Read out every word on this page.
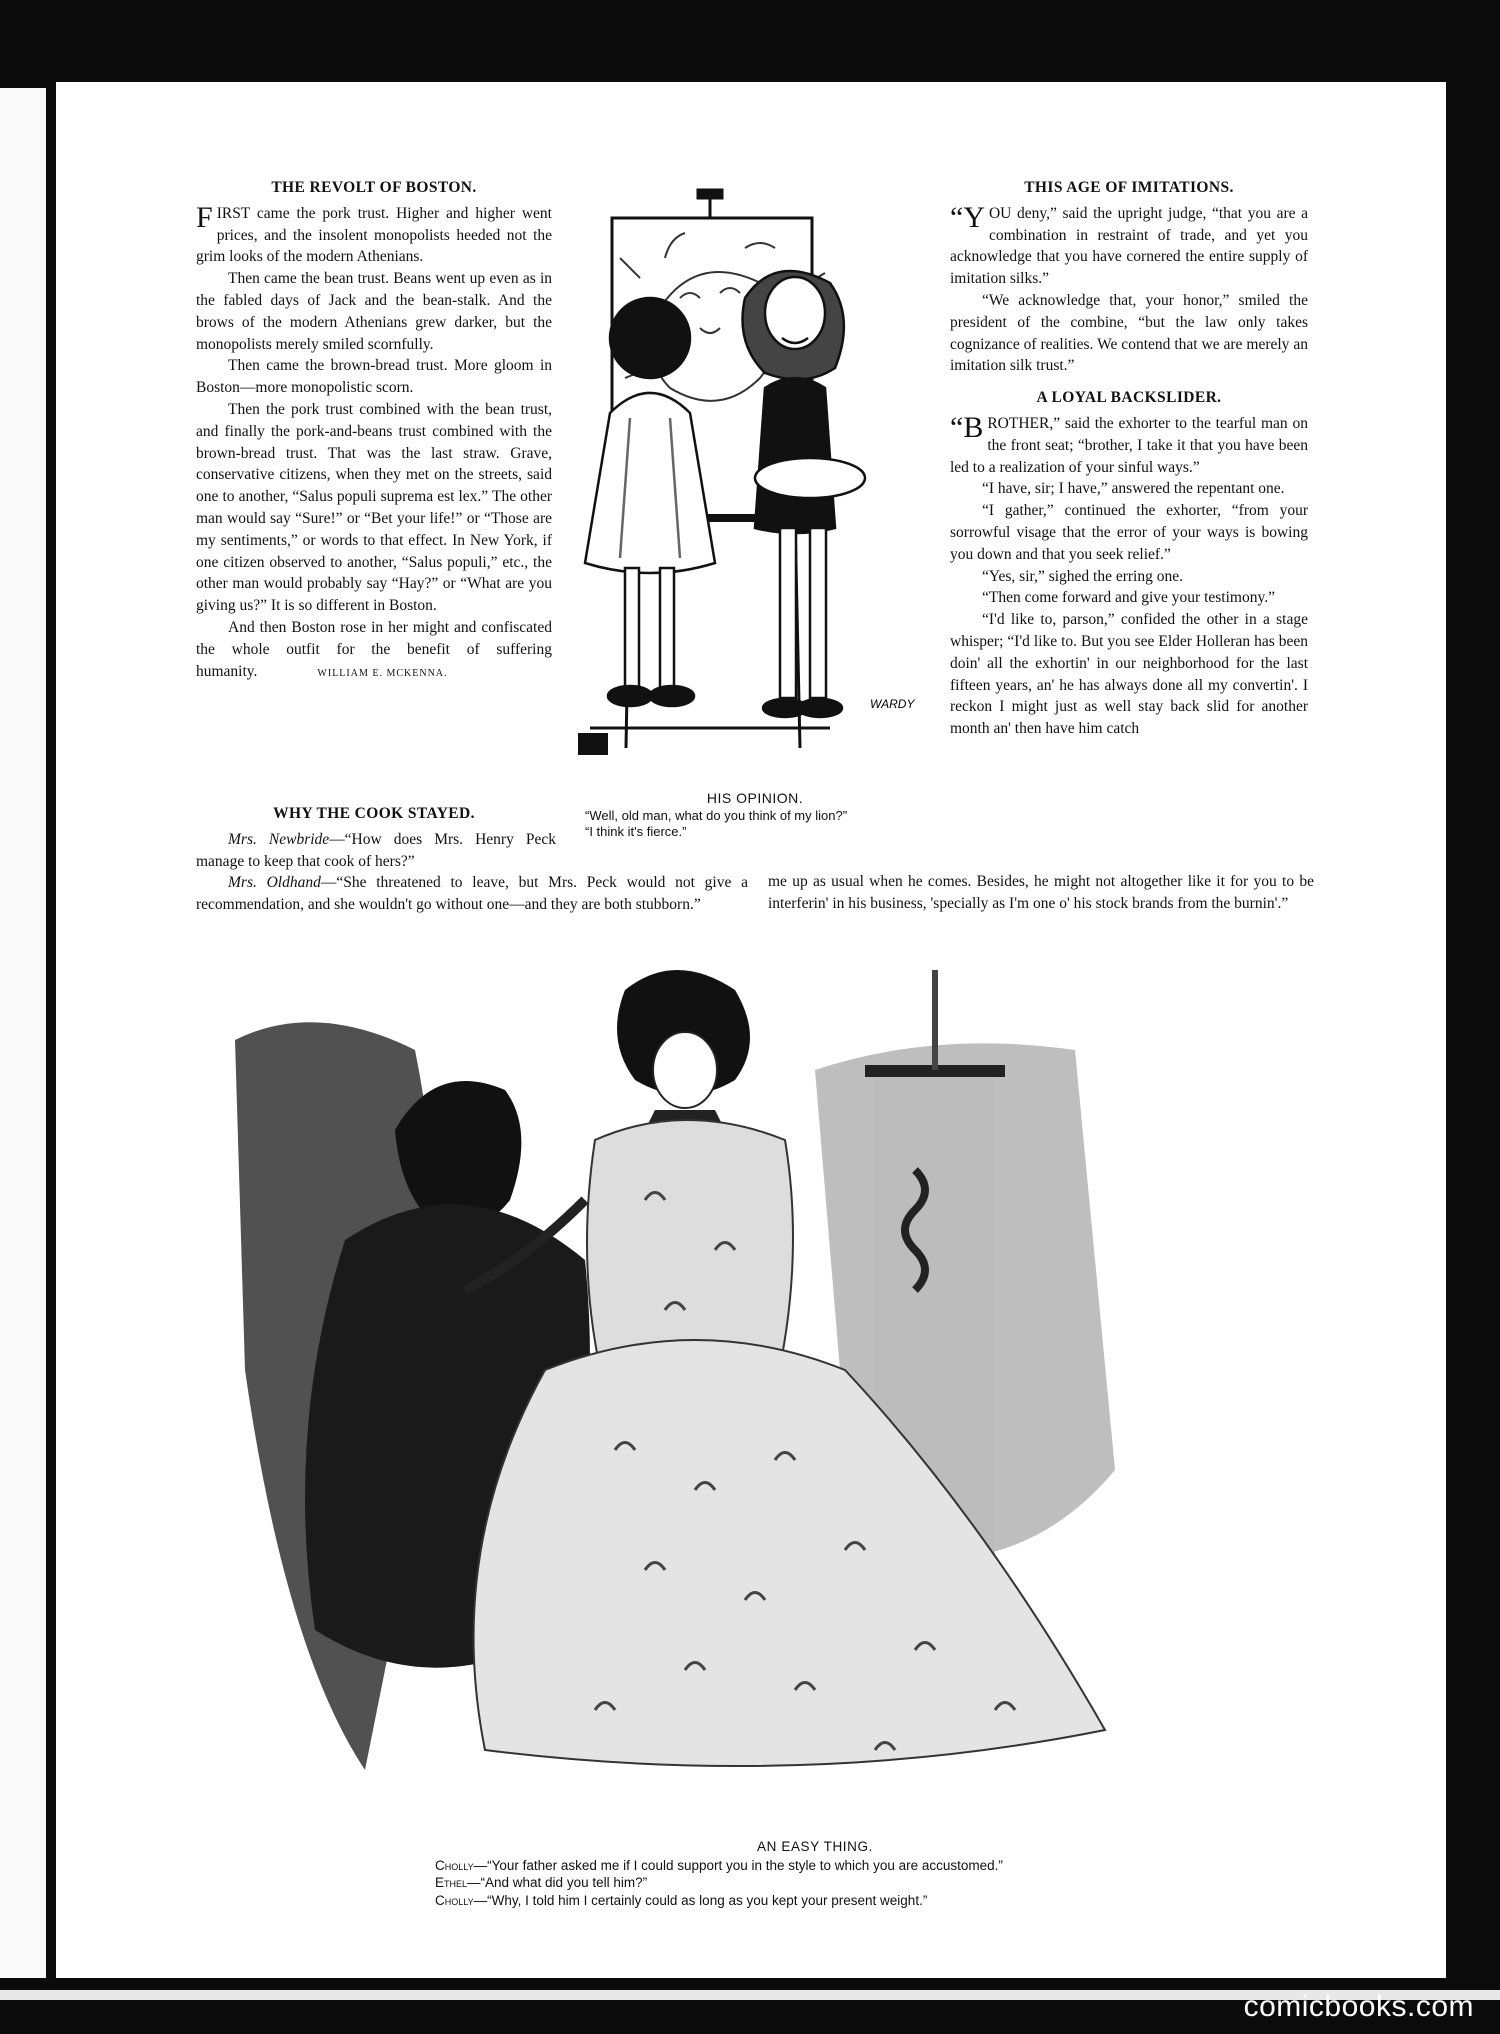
comicbooks.com
THE REVOLT OF BOSTON.

FIRST came the pork trust. Higher and higher went prices, and the insolent monopolists heeded not the grim looks of the modern Athenians.

Then came the bean trust. Beans went up even as in the fabled days of Jack and the bean-stalk. And the brows of the modern Athenians grew darker, but the monopolists merely smiled scornfully.

Then came the brown-bread trust. More gloom in Boston—more monopolistic scorn.

Then the pork trust combined with the bean trust, and finally the pork-and-beans trust combined with the brown-bread trust. That was the last straw. Grave, conservative citizens, when they met on the streets, said one to another, “Salus populi suprema est lex.” The other man would say “Sure!” or “Bet your life!” or “Those are my sentiments,” or words to that effect. In New York, if one citizen observed to another, “Salus populi,” etc., the other man would probably say “Hay?” or “What are you giving us?” It is so different in Boston.

And then Boston rose in her might and confiscated the whole outfit for the benefit of suffering humanity.	WILLIAM E. MCKENNA.

WHY THE COOK STAYED.

Mrs. Newbride—“How does Mrs. Henry Peck manage to keep that cook of hers?”

Mrs. Oldhand—“She threatened to leave, but Mrs. Peck would not give a recommendation, and she wouldn't go without one—and they are both stubborn.”

THIS AGE OF IMITATIONS.

“YOU deny,” said the upright judge, “that you are a combination in restraint of trade, and yet you acknowledge that you have cornered the entire supply of imitation silks.”

“We acknowledge that, your honor,” smiled the president of the combine, “but the law only takes cognizance of realities. We contend that we are merely an imitation silk trust.”

A LOYAL BACKSLIDER.

“BROTHER,” said the exhorter to the tearful man on the front seat; “brother, I take it that you have been led to a realization of your sinful ways.”

“I have, sir; I have,” answered the repentant one.

“I gather,” continued the exhorter, “from your sorrowful visage that the error of your ways is bowing you down and that you seek relief.”

“Yes, sir,” sighed the erring one.

“Then come forward and give your testimony.”

“I'd like to, parson,” confided the other in a stage whisper; “I'd like to. But you see Elder Holleran has been doin' all the exhortin' in our neighborhood for the last fifteen years, an' he has always done all my convertin'. I reckon I might just as well stay back slid for another month an' then have him catch

me up as usual when he comes. Besides, he might not altogether like it for you to be interferin' in his business, 'specially as I'm one o' his stock brands from the burnin'.”

WARDY
HIS OPINION.
“Well, old man, what do you think of my lion?”
“I think it's fierce.”
AN EASY THING.
Cholly—“Your father asked me if I could support you in the style to which you are accustomed.”
Ethel—“And what did you tell him?”
Cholly—“Why, I told him I certainly could as long as you kept your present weight.”
